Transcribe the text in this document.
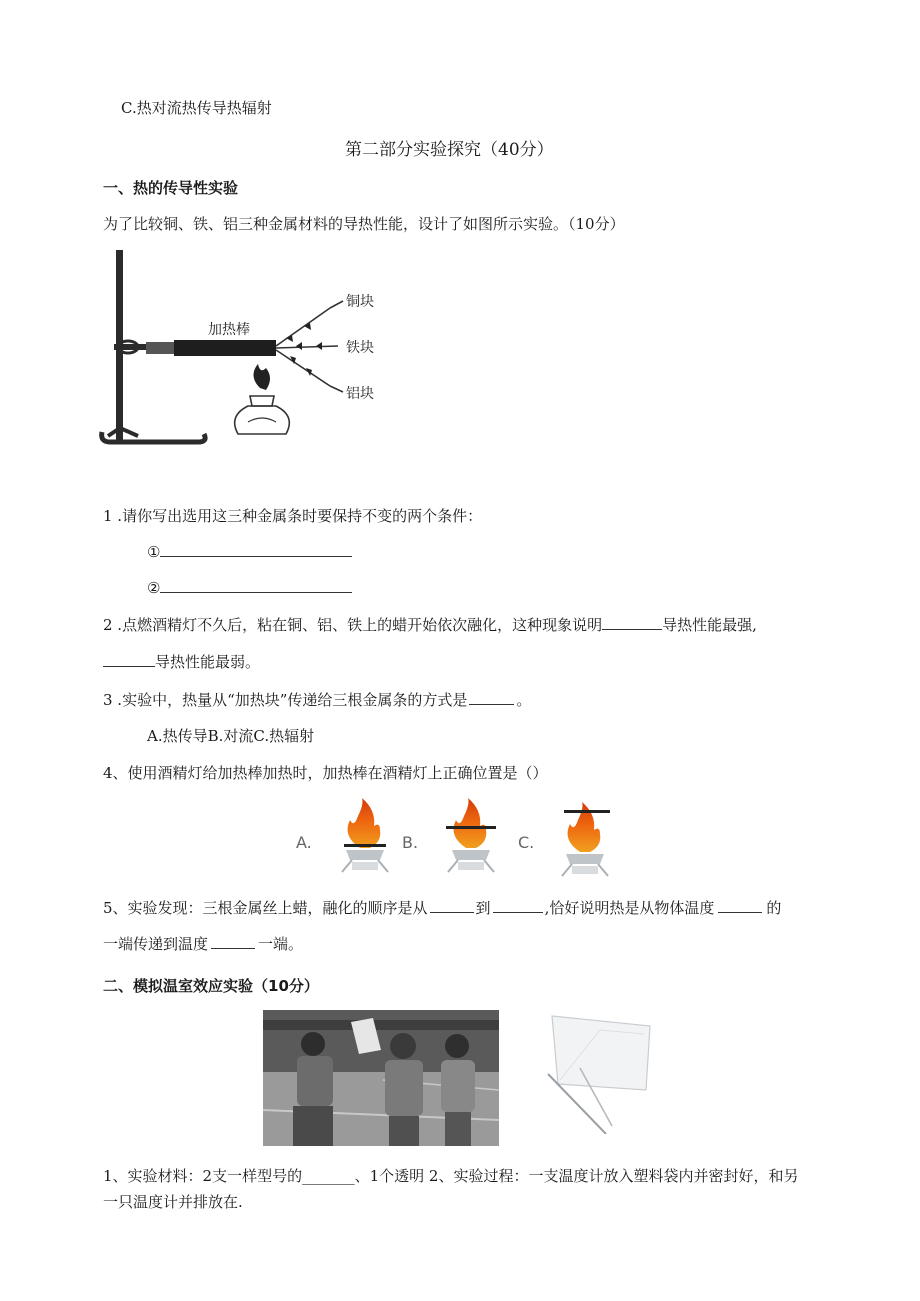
C.热对流热传导热辐射
第二部分实验探究（40分）
一、热的传导性实验
为了比较铜、铁、铝三种金属材料的导热性能，设计了如图所示实验。（10分）
加热棒
铜块
铁块
铝块
1 .请你写出选用这三种金属条时要保持不变的两个条件：
①
②
2 .点燃酒精灯不久后，粘在铜、铝、铁上的蜡开始依次融化，这种现象说明	导热性能最强,
导热性能最弱。
3 .实验中，热量从“加热块”传递给三根金属条的方式是	。
A.热传导B.对流C.热辐射
4、使用酒精灯给加热棒加热时，加热棒在酒精灯上正确位置是（）
A.	B.	C.
5、实验发现：三根金属丝上蜡，融化的顺序是从	到	,恰好说明热是从物体温度	的
一端传递到温度	一端。
二、模拟温室效应实验（10分）
1、实验材料：2支一样型号的_______、1个透明 2、实验过程：一支温度计放入塑料袋内并密封好，和另
一只温度计并排放在.
